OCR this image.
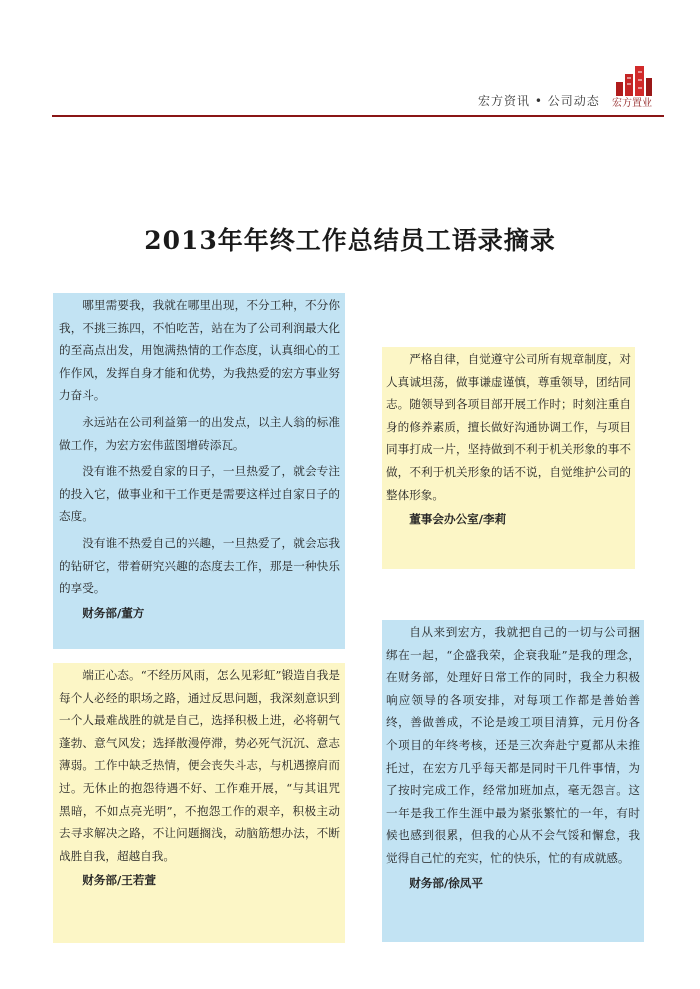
宏方资讯 • 公司动态 宏方置业
2013年年终工作总结员工语录摘录

哪里需要我，我就在哪里出现，不分工种，不分你我，不挑三拣四，不怕吃苦，站在为了公司利润最大化的至高点出发，用饱满热情的工作态度，认真细心的工作作风，发挥自身才能和优势，为我热爱的宏方事业努力奋斗。

永远站在公司利益第一的出发点，以主人翁的标准做工作，为宏方宏伟蓝图增砖添瓦。

没有谁不热爱自家的日子，一旦热爱了，就会专注的投入它，做事业和干工作更是需要这样过自家日子的态度。

没有谁不热爱自己的兴趣，一旦热爱了，就会忘我的钻研它，带着研究兴趣的态度去工作，那是一种快乐的享受。

财务部/董方

严格自律，自觉遵守公司所有规章制度，对人真诚坦荡，做事谦虚谨慎，尊重领导，团结同志。随领导到各项目部开展工作时；时刻注重自身的修养素质，擅长做好沟通协调工作，与项目同事打成一片，坚持做到不利于机关形象的事不做，不利于机关形象的话不说，自觉维护公司的整体形象。

董事会办公室/李莉

端正心态。“不经历风雨，怎么见彩虹”锻造自我是每个人必经的职场之路，通过反思问题，我深刻意识到一个人最难战胜的就是自己，选择积极上进，必将朝气蓬勃、意气风发；选择散漫停滞，势必死气沉沉、意志薄弱。工作中缺乏热情，便会丧失斗志，与机遇擦肩而过。无休止的抱怨待遇不好、工作难开展，“与其诅咒黑暗，不如点亮光明”，不抱怨工作的艰辛，积极主动去寻求解决之路，不让问题搁浅，动脑筋想办法，不断战胜自我，超越自我。

财务部/王若萱

自从来到宏方，我就把自己的一切与公司捆绑在一起，“企盛我荣，企衰我耻”是我的理念，在财务部，处理好日常工作的同时，我全力积极响应领导的各项安排，对每项工作都是善始善终，善做善成，不论是竣工项目清算，元月份各个项目的年终考核，还是三次奔赴宁夏都从未推托过，在宏方几乎每天都是同时干几件事情，为了按时完成工作，经常加班加点，毫无怨言。这一年是我工作生涯中最为紧张繁忙的一年，有时候也感到很累，但我的心从不会气馁和懈怠，我觉得自己忙的充实，忙的快乐，忙的有成就感。

财务部/徐凤平
